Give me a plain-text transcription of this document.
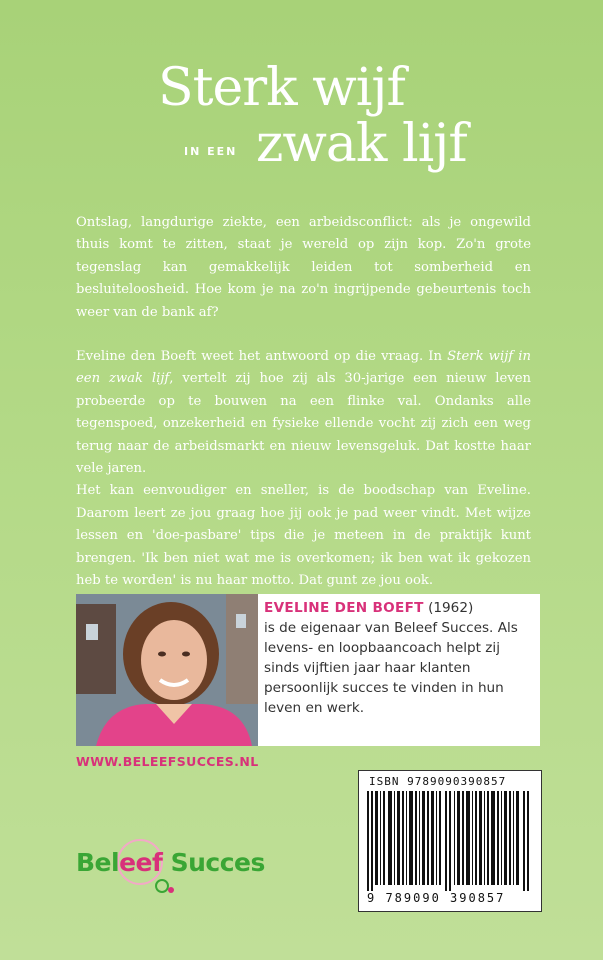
Sterk wijf
IN EEN zwak lijf

Ontslag, langdurige ziekte, een arbeidsconflict: als je ongewild thuis komt te zitten, staat je wereld op zijn kop. Zo'n grote tegenslag kan gemakkelijk leiden tot somberheid en besluiteloosheid. Hoe kom je na zo'n ingrijpende gebeurtenis toch weer van de bank af?

Eveline den Boeft weet het antwoord op die vraag. In Sterk wijf in een zwak lijf, vertelt zij hoe zij als 30-jarige een nieuw leven probeerde op te bouwen na een flinke val. Ondanks alle tegenspoed, onzekerheid en fysieke ellende vocht zij zich een weg terug naar de arbeidsmarkt en nieuw levensgeluk. Dat kostte haar vele jaren.

Het kan eenvoudiger en sneller, is de boodschap van Eveline. Daarom leert ze jou graag hoe jij ook je pad weer vindt. Met wijze lessen en 'doe-pasbare' tips die je meteen in de praktijk kunt brengen. 'Ik ben niet wat me is overkomen; ik ben wat ik gekozen heb te worden' is nu haar motto. Dat gunt ze jou ook.

EVELINE DEN BOEFT (1962)
is de eigenaar van Beleef Succes. Als levens- en loopbaancoach helpt zij sinds vijftien jaar haar klanten persoonlijk succes te vinden in hun leven en werk.
WWW.BELEEFSUCCES.NL
ISBN 9789090390857
9 789090 390857
Beleef Succes
